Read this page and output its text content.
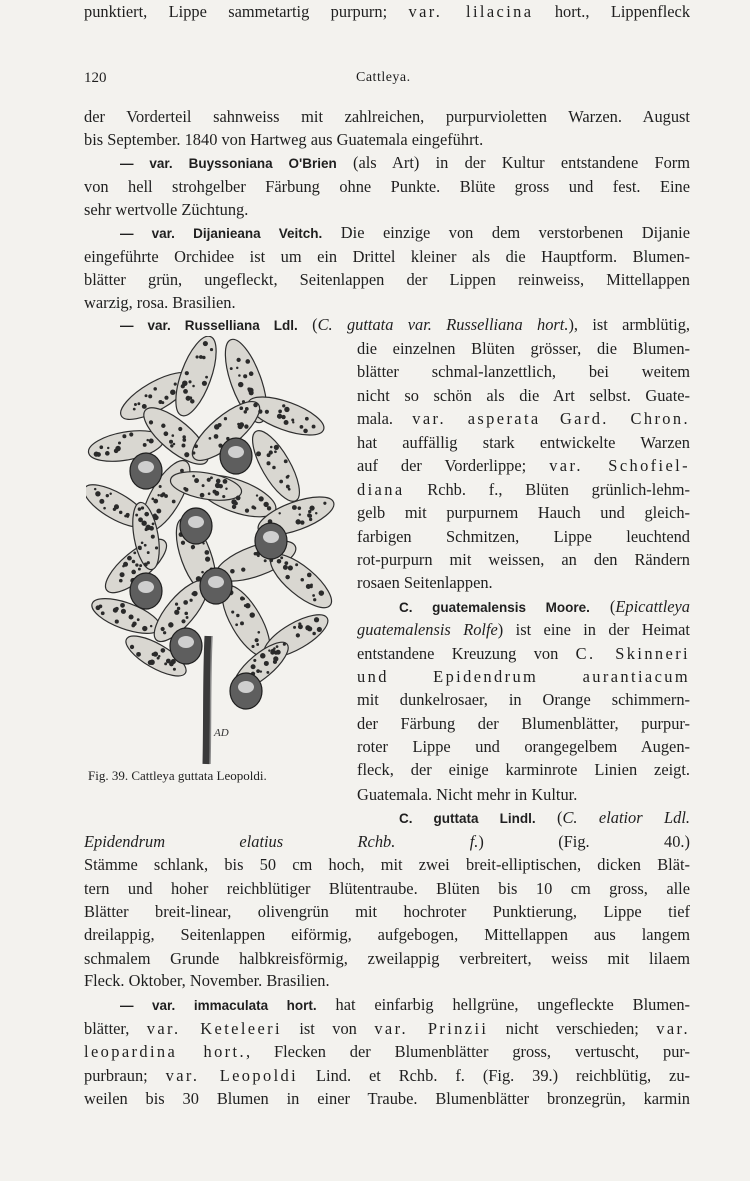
120	Cattleya.
der Vorderteil sahnweiss mit zahlreichen, purpurvioletten Warzen. August
bis September. 1840 von Hartweg aus Guatemala eingeführt.
— var. Buyssoniana O'Brien (als Art) in der Kultur entstandene Form
von hell strohgelber Färbung ohne Punkte. Blüte gross und fest. Eine
sehr wertvolle Züchtung.
— var. Dijanieana Veitch. Die einzige von dem verstorbenen Dijanie
eingeführte Orchidee ist um ein Drittel kleiner als die Hauptform. Blumen-
blätter grün, ungefleckt, Seitenlappen der Lippen reinweiss, Mittellappen
warzig, rosa. Brasilien.
— var. Russelliana Ldl. (C. guttata var. Russelliana hort.), ist armblütig,
die einzelnen Blüten grösser, die Blumen-
blätter schmal-lanzettlich, bei weitem
nicht so schön als die Art selbst. Guate-
mala. var. asperata Gard. Chron.
hat auffällig stark entwickelte Warzen
auf der Vorderlippe; var. Schofiel-
diana Rchb. f., Blüten grünlich-lehm-
gelb mit purpurnem Hauch und gleich-
farbigen Schmitzen, Lippe leuchtend
rot-purpurn mit weissen, an den Rändern
rosaen Seitenlappen.
C. guatemalensis Moore. (Epicattleya
guatemalensis Rolfe) ist eine in der Heimat
entstandene Kreuzung von C. Skinneri
und Epidendrum aurantiacum
mit dunkelrosaer, in Orange schimmern-
der Färbung der Blumenblätter, purpur-
roter Lippe und orangegelbem Augen-
fleck, der einige karminrote Linien zeigt.
Guatemala. Nicht mehr in Kultur.
C. guttata Lindl. (C. elatior Ldl.
Epidendrum elatius Rchb. f.) (Fig. 40.)
Stämme schlank, bis 50 cm hoch, mit zwei breit-elliptischen, dicken Blät-
tern und hoher reichblütiger Blütentraube. Blüten bis 10 cm gross, alle
Blätter breit-linear, olivengrün mit hochroter Punktierung, Lippe tief
dreilappig, Seitenlappen eiförmig, aufgebogen, Mittellappen aus langem
schmalem Grunde halbkreisförmig, zweilappig verbreitert, weiss mit lilaem
Fleck. Oktober, November. Brasilien.
— var. immaculata hort. hat einfarbig hellgrüne, ungefleckte Blumen-
blätter, var. Keteleeri ist von var. Prinzii nicht verschieden; var.
leopardina hort., Flecken der Blumenblätter gross, vertuscht, pur-
purbraun; var. Leopoldi Lind. et Rchb. f. (Fig. 39.) reichblütig, zu-
weilen bis 30 Blumen in einer Traube. Blumenblätter bronzegrün, karmin
punktiert, Lippe sammetartig purpurn; var. lilacina hort., Lippenfleck
AD
Fig. 39. Cattleya guttata Leopoldi.
